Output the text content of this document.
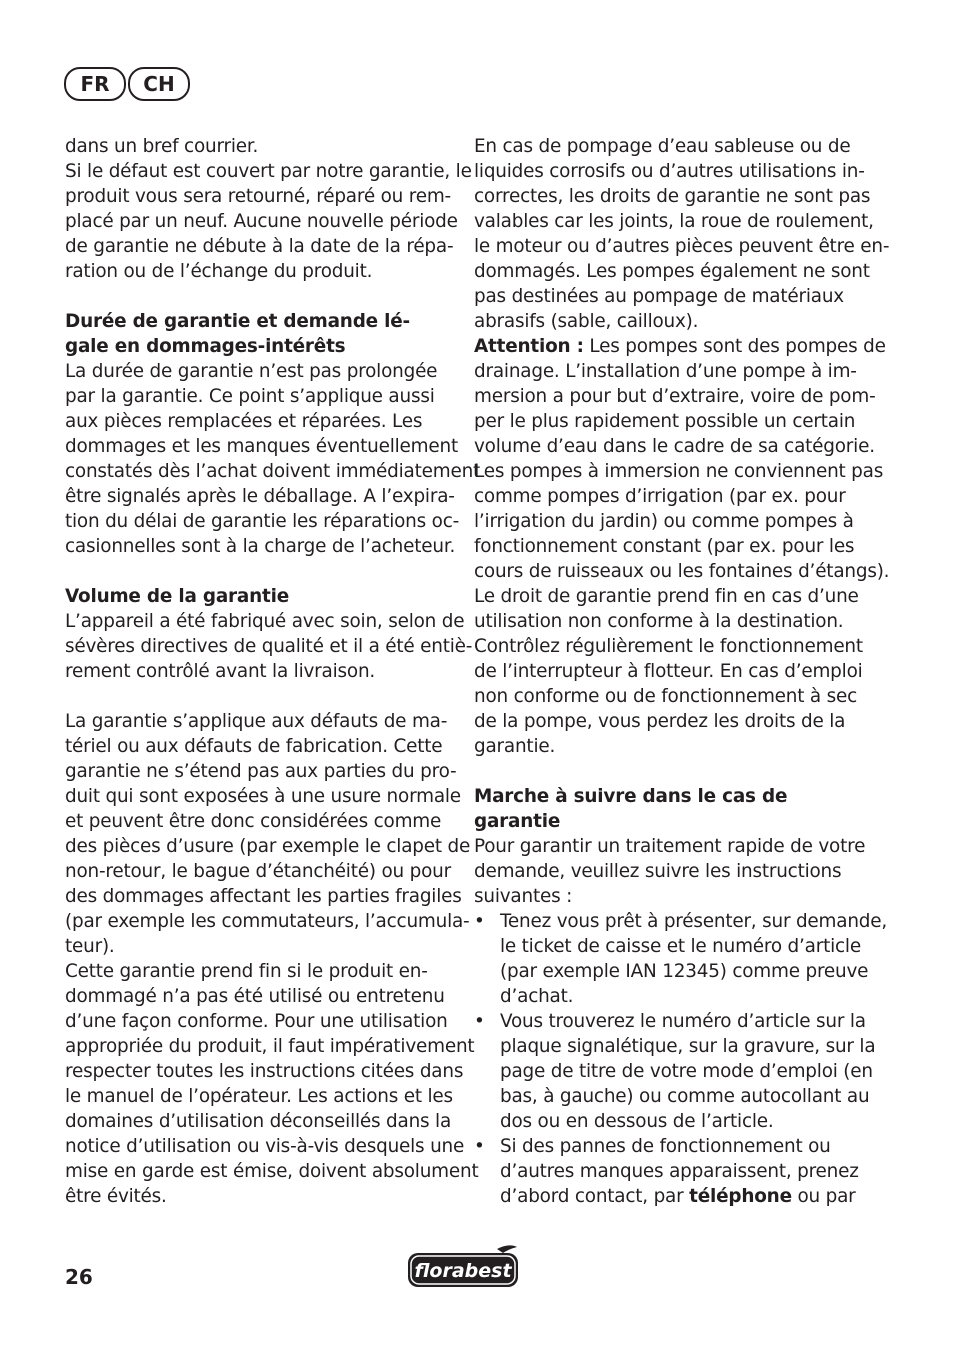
FR	CH

dans un bref courrier.

Si le défaut est couvert par notre garantie, le

produit vous sera retourné, réparé ou rem-

placé par un neuf. Aucune nouvelle période

de garantie ne débute à la date de la répa-

ration ou de l’échange du produit.

Durée de garantie et demande lé-

gale en dommages-intérêts

La durée de garantie n’est pas prolongée

par la garantie. Ce point s’applique aussi

aux pièces remplacées et réparées. Les

dommages et les manques éventuellement

constatés dès l’achat doivent immédiatement

être signalés après le déballage. A l’expira-

tion du délai de garantie les réparations oc-

casionnelles sont à la charge de l’acheteur.

Volume de la garantie

L’appareil a été fabriqué avec soin, selon de

sévères directives de qualité et il a été entiè-

rement contrôlé avant la livraison.

La garantie s’applique aux défauts de ma-

tériel ou aux défauts de fabrication. Cette

garantie ne s’étend pas aux parties du pro-

duit qui sont exposées à une usure normale

et peuvent être donc considérées comme

des pièces d’usure (par exemple le clapet de

non-retour, le bague d’étanchéité) ou pour

des dommages affectant les parties fragiles

(par exemple les commutateurs, l’accumula-

teur).

Cette garantie prend fin si le produit en-

dommagé n’a pas été utilisé ou entretenu

d’une façon conforme. Pour une utilisation

appropriée du produit, il faut impérativement

respecter toutes les instructions citées dans

le manuel de l’opérateur. Les actions et les

domaines d’utilisation déconseillés dans la

notice d’utilisation ou vis-à-vis desquels une

mise en garde est émise, doivent absolument

être évités.

En cas de pompage d’eau sableuse ou de

liquides corrosifs ou d’autres utilisations in-

correctes, les droits de garantie ne sont pas

valables car les joints, la roue de roulement,

le moteur ou d’autres pièces peuvent être en-

dommagés. Les pompes également ne sont

pas destinées au pompage de matériaux

abrasifs (sable, cailloux).

Attention : Les pompes sont des pompes de

drainage. L’installation d’une pompe à im-

mersion a pour but d’extraire, voire de pom-

per le plus rapidement possible un certain

volume d’eau dans le cadre de sa catégorie.

Les pompes à immersion ne conviennent pas

comme pompes d’irrigation (par ex. pour

l’irrigation du jardin) ou comme pompes à

fonctionnement constant (par ex. pour les

cours de ruisseaux ou les fontaines d’étangs).

Le droit de garantie prend fin en cas d’une

utilisation non conforme à la destination.

Contrôlez régulièrement le fonctionnement

de l’interrupteur à flotteur. En cas d’emploi

non conforme ou de fonctionnement à sec

de la pompe, vous perdez les droits de la

garantie.

Marche à suivre dans le cas de

garantie

Pour garantir un traitement rapide de votre

demande, veuillez suivre les instructions

suivantes :

• Tenez vous prêt à présenter, sur demande,

le ticket de caisse et le numéro d’article

(par exemple IAN 12345) comme preuve

d’achat.

• Vous trouverez le numéro d’article sur la

plaque signalétique, sur la gravure, sur la

page de titre de votre mode d’emploi (en

bas, à gauche) ou comme autocollant au

dos ou en dessous de l’article.

• Si des pannes de fonctionnement ou

d’autres manques apparaissent, prenez

d’abord contact, par téléphone ou par

26	florabest
